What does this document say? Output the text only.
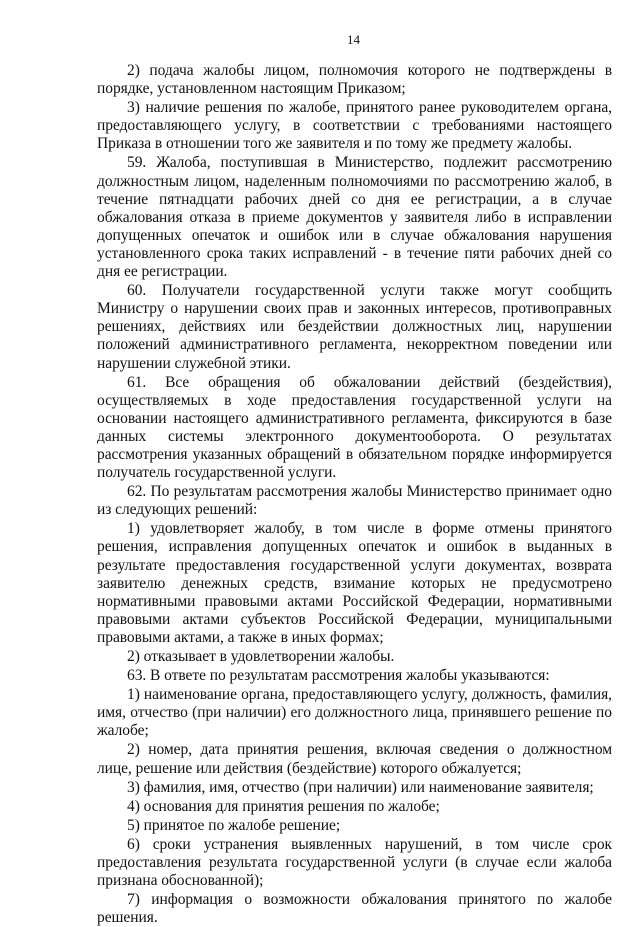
14

2) подача жалобы лицом, полномочия которого не подтверждены в порядке, установленном настоящим Приказом;

3) наличие решения по жалобе, принятого ранее руководителем органа, предоставляющего услугу, в соответствии с требованиями настоящего Приказа в отношении того же заявителя и по тому же предмету жалобы.

59. Жалоба, поступившая в Министерство, подлежит рассмотрению должностным лицом, наделенным полномочиями по рассмотрению жалоб, в течение пятнадцати рабочих дней со дня ее регистрации, а в случае обжалования отказа в приеме документов у заявителя либо в исправлении допущенных опечаток и ошибок или в случае обжалования нарушения установленного срока таких исправлений - в течение пяти рабочих дней со дня ее регистрации.

60. Получатели государственной услуги также могут сообщить Министру о нарушении своих прав и законных интересов, противоправных решениях, действиях или бездействии должностных лиц, нарушении положений административного регламента, некорректном поведении или нарушении служебной этики.

61. Все обращения об обжаловании действий (бездействия), осуществляемых в ходе предоставления государственной услуги на основании настоящего административного регламента, фиксируются в базе данных системы электронного документооборота. О результатах рассмотрения указанных обращений в обязательном порядке информируется получатель государственной услуги.

62. По результатам рассмотрения жалобы Министерство принимает одно из следующих решений:

1) удовлетворяет жалобу, в том числе в форме отмены принятого решения, исправления допущенных опечаток и ошибок в выданных в результате предоставления государственной услуги документах, возврата заявителю денежных средств, взимание которых не предусмотрено нормативными правовыми актами Российской Федерации, нормативными правовыми актами субъектов Российской Федерации, муниципальными правовыми актами, а также в иных формах;

2) отказывает в удовлетворении жалобы.

63. В ответе по результатам рассмотрения жалобы указываются:

1) наименование органа, предоставляющего услугу, должность, фамилия, имя, отчество (при наличии) его должностного лица, принявшего решение по жалобе;

2) номер, дата принятия решения, включая сведения о должностном лице, решение или действия (бездействие) которого обжалуется;

3) фамилия, имя, отчество (при наличии) или наименование заявителя;

4) основания для принятия решения по жалобе;

5) принятое по жалобе решение;

6) сроки устранения выявленных нарушений, в том числе срок предоставления результата государственной услуги (в случае если жалоба признана обоснованной);

7) информация о возможности обжалования принятого по жалобе решения.
